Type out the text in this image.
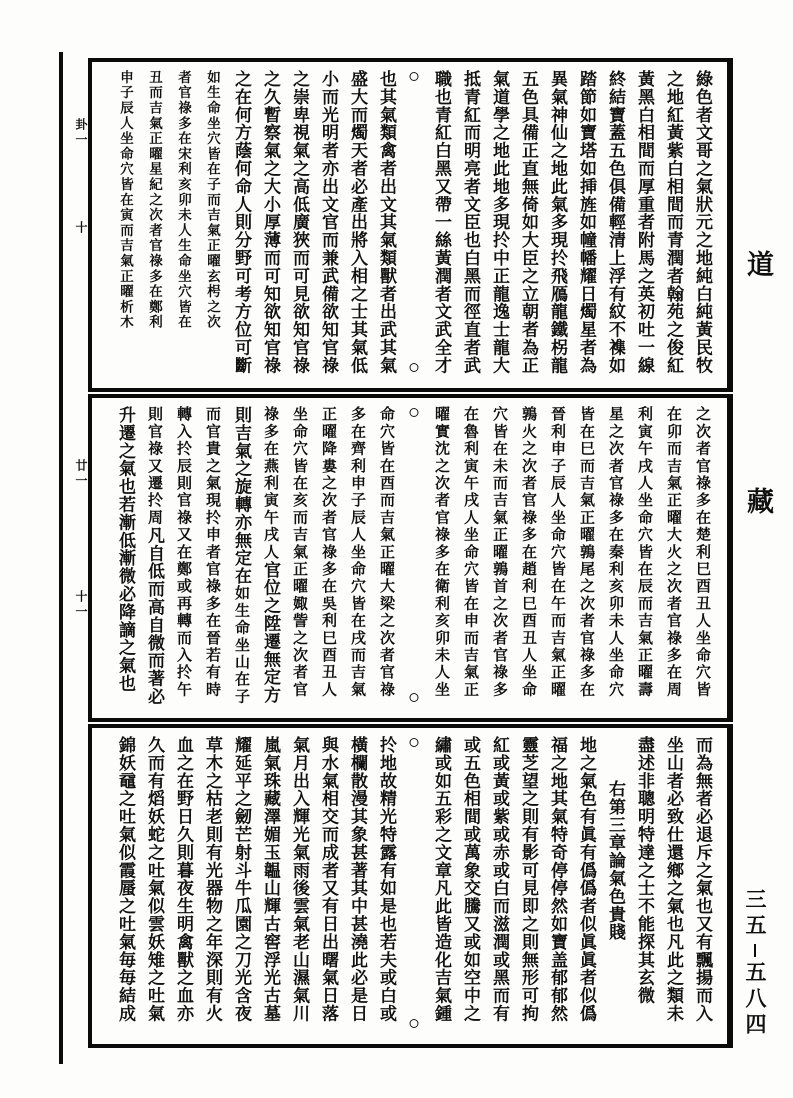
綠色者文哥之氣狀元之地純白純黃民牧
之地紅黃紫白相間而青潤者翰苑之俊紅
黃黑白相間而厚重者附馬之英初吐一線
終結寶蓋五色俱備輕清上浮有紋不襍如
踏節如寶塔如挿旌如幢幡耀日燭星者為
異氣神仙之地此氣多現扵飛鴈龍鐵柺龍
五色具備正直無倚如大臣之立朝者為正
氣道學之地此地多現扵中正龍逸士龍大
抵青紅而明亮者文臣也白黑而徑直者武
職也青紅白黑又帶一絲黃潤者文武全才
也其氣類禽者出文其氣類獸者出武其氣
盛大而燭天者必產出將入相之士其氣低
小而光明者亦出文官而兼武備欲知官祿
之崇卑視氣之高低廣狹而可見欲知官祿
之久暫察氣之大小厚薄而可知欲知官祿
之在何方蔭何命人則分野可考方位可斷
如生命坐穴皆在子而吉氣正曜玄枵之次
者官祿多在宋利亥卯未人生命坐穴皆在
丑而吉氣正曜星紀之次者官祿多在鄭利
申子辰人坐命穴皆在寅而吉氣正曜析木
之次者官祿多在楚利巳酉丑人坐命穴皆
在卯而吉氣正曜大火之次者官祿多在周
利寅午戌人坐命穴皆在辰而吉氣正曜壽
星之次者官祿多在秦利亥卯未人坐命穴
皆在巳而吉氣正曜鶉尾之次者官祿多在
晉利申子辰人坐命穴皆在午而吉氣正曜
鶉火之次者官祿多在趙利巳酉丑人坐命
穴皆在未而吉氣正曜鶉首之次者官祿多
在魯利寅午戌人坐命穴皆在申而吉氣正
曜實沈之次者官祿多在衛利亥卯未人坐
命穴皆在酉而吉氣正曜大梁之次者官祿
多在齊利申子辰人坐命穴皆在戌而吉氣
正曜降婁之次者官祿多在吳利巳酉丑人
坐命穴皆在亥而吉氣正曜娵訾之次者官
祿多在燕利寅午戌人官位之陞遷無定方
則吉氣之旋轉亦無定在如生命坐山在子
而官貴之氣現扵申者官祿多在晉若有時
轉入扵辰則官祿又在鄭或再轉而入扵午
則官祿又遷扵周凡自低而高自微而著必
升遷之氣也若漸低漸微必降謫之氣也
而為無者必退斥之氣也又有飄揚而入
坐山者必致仕還鄉之氣也凡此之類未
盡述非聰明特達之士不能探其玄微
右第三章論氣色貴賤
地之氣色有眞有僞僞者似眞眞者似僞
福之地其氣特奇停停然如寶盖郁郁然
靈芝望之則有影可見即之則無形可拘
紅或黃或紫或赤或白而滋潤或黑而有
或五色相間或萬象交騰又或如空中之
繡或如五彩之文章凡此皆造化吉氣鍾
扵地故精光特露有如是也若夫或白或
橫欄散漫其象甚著其中甚澆此必是日
與水氣相交而成者又有日出曙氣日落
氣月出入輝光氣雨後雲氣老山濕氣川
嵐氣珠藏澤媚玉韞山輝古窖浮光古墓
耀延平之劒芒射斗牛瓜園之刀光含夜
草木之枯老則有光器物之年深則有火
血之在野日久則暮夜生明禽獸之血亦
久而有熖妖蛇之吐氣似雲妖雉之吐氣
錦妖黿之吐氣似霞蜃之吐氣毎毎結成
卦一
十
廿一
十一
道
藏
三五
五八四
